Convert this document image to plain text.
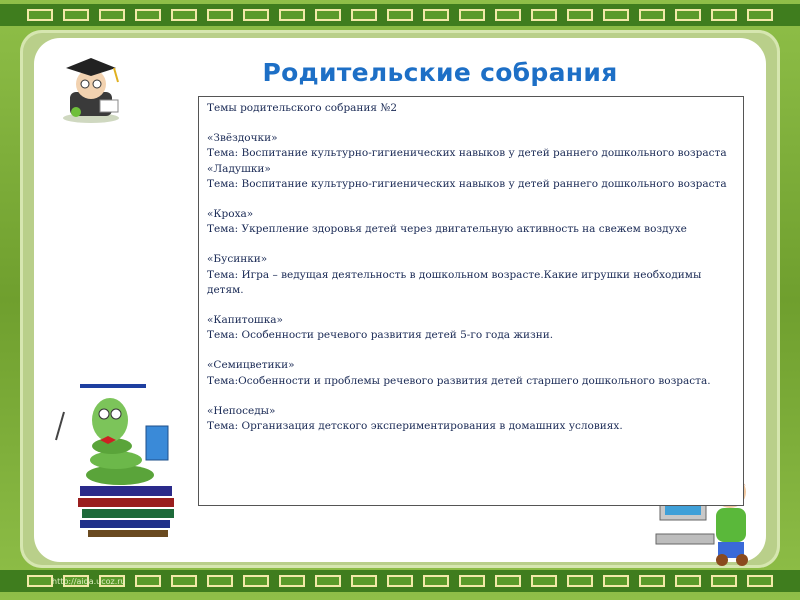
Родительские собрания

Темы родительского собрания №2

«Звёздочки»

Тема: Воспитание культурно-гигиенических навыков у детей раннего дошкольного возраста

«Ладушки»

Тема: Воспитание культурно-гигиенических навыков у детей раннего дошкольного возраста

«Кроха»

Тема: Укрепление здоровья детей через двигательную активность на свежем воздухе

«Бусинки»

Тема: Игра – ведущая деятельность в дошкольном возрасте.Какие игрушки необходимы детям.

«Капитошка»

Тема: Особенности речевого развития детей 5-го года жизни.

«Семицветики»

Тема:Особенности и проблемы речевого развития детей старшего дошкольного возраста.

«Непоседы»

Тема: Организация детского экспериментирования в домашних условиях.

http://aida.ucoz.ru
